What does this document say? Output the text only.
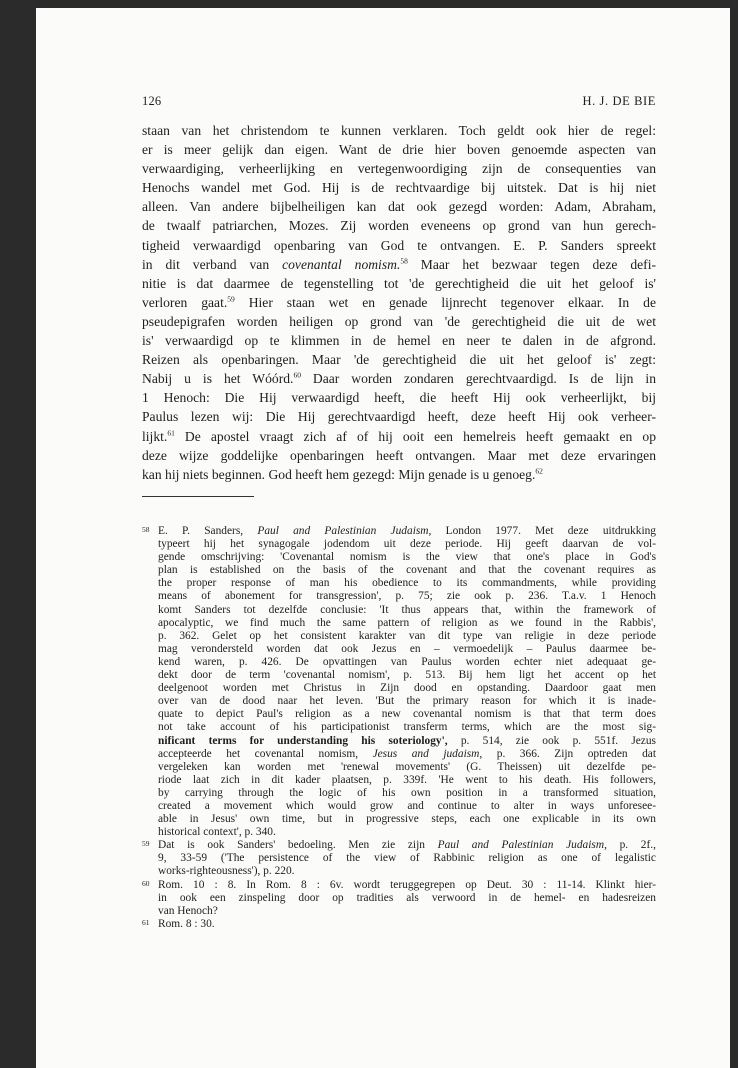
126	H. J. DE BIE
staan van het christendom te kunnen verklaren. Toch geldt ook hier de regel:
er is meer gelijk dan eigen. Want de drie hier boven genoemde aspecten van
verwaardiging, verheerlijking en vertegenwoordiging zijn de consequenties van
Henochs wandel met God. Hij is de rechtvaardige bij uitstek. Dat is hij niet
alleen. Van andere bijbelheiligen kan dat ook gezegd worden: Adam, Abraham,
de twaalf patriarchen, Mozes. Zij worden eveneens op grond van hun gerech-
tigheid verwaardigd openbaring van God te ontvangen. E. P. Sanders spreekt
in dit verband van covenantal nomism.$^{58}$ Maar het bezwaar tegen deze defi-
nitie is dat daarmee de tegenstelling tot 'de gerechtigheid die uit het geloof is'
verloren gaat.$^{59}$ Hier staan wet en genade lijnrecht tegenover elkaar. In de
pseudepigrafen worden heiligen op grond van 'de gerechtigheid die uit de wet
is' verwaardigd op te klimmen in de hemel en neer te dalen in de afgrond.
Reizen als openbaringen. Maar 'de gerechtigheid die uit het geloof is' zegt:
Nabij u is het Wóórd.$^{60}$ Daar worden zondaren gerechtvaardigd. Is de lijn in
1 Henoch: Die Hij verwaardigd heeft, die heeft Hij ook verheerlijkt, bij
Paulus lezen wij: Die Hij gerechtvaardigd heeft, deze heeft Hij ook verheer-
lijkt.$^{61}$ De apostel vraagt zich af of hij ooit een hemelreis heeft gemaakt en op
deze wijze goddelijke openbaringen heeft ontvangen. Maar met deze ervaringen
kan hij niets beginnen. God heeft hem gezegd: Mijn genade is u genoeg.$^{62}$
58 E. P. Sanders, Paul and Palestinian Judaism, London 1977. Met deze uitdrukking
typeert hij het synagogale jodendom uit deze periode. Hij geeft daarvan de vol-
gende omschrijving: 'Covenantal nomism is the view that one's place in God's
plan is established on the basis of the covenant and that the covenant requires as
the proper response of man his obedience to its commandments, while providing
means of abonement for transgression', p. 75; zie ook p. 236. T.a.v. 1 Henoch
komt Sanders tot dezelfde conclusie: 'It thus appears that, within the framework of
apocalyptic, we find much the same pattern of religion as we found in the Rabbis',
p. 362. Gelet op het consistent karakter van dit type van religie in deze periode
mag verondersteld worden dat ook Jezus en – vermoedelijk – Paulus daarmee be-
kend waren, p. 426. De opvattingen van Paulus worden echter niet adequaat ge-
dekt door de term 'covenantal nomism', p. 513. Bij hem ligt het accent op het
deelgenoot worden met Christus in Zijn dood en opstanding. Daardoor gaat men
over van de dood naar het leven. 'But the primary reason for which it is inade-
quate to depict Paul's religion as a new covenantal nomism is that that term does
not take account of his participationist transferm terms, which are the most sig-
nificant terms for understanding his soteriology', p. 514, zie ook p. 551f. Jezus
accepteerde het covenantal nomism, Jesus and judaism, p. 366. Zijn optreden dat
vergeleken kan worden met 'renewal movements' (G. Theissen) uit dezelfde pe-
riode laat zich in dit kader plaatsen, p. 339f. 'He went to his death. His followers,
by carrying through the logic of his own position in a transformed situation,
created a movement which would grow and continue to alter in ways unforesee-
able in Jesus' own time, but in progressive steps, each one explicable in its own
historical context', p. 340.
59 Dat is ook Sanders' bedoeling. Men zie zijn Paul and Palestinian Judaism, p. 2f.,
9, 33-59 ('The persistence of the view of Rabbinic religion as one of legalistic
works-righteousness'), p. 220.
60 Rom. 10 : 8. In Rom. 8 : 6v. wordt teruggegrepen op Deut. 30 : 11-14. Klinkt hier-
in ook een zinspeling door op tradities als verwoord in de hemel- en hadesreizen
van Henoch?
61 Rom. 8 : 30.
